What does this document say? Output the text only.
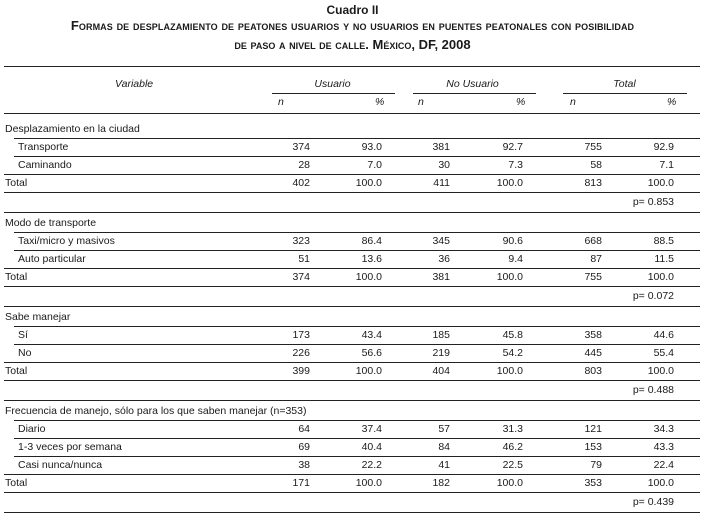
Cuadro II
Formas de desplazamiento de peatones usuarios y no usuarios en puentes peatonales con posibilidad
de paso a nivel de calle. México, DF, 2008
Variable	Usuario	No Usuario	Total
n	%	n	%	n	%
Desplazamiento en la ciudad
Transporte	374	93.0	381	92.7	755	92.9
Caminando	28	7.0	30	7.3	58	7.1
Total	402	100.0	411	100.0	813	100.0
p= 0.853
Modo de transporte
Taxi/micro y masivos	323	86.4	345	90.6	668	88.5
Auto particular	51	13.6	36	9.4	87	11.5
Total	374	100.0	381	100.0	755	100.0
p= 0.072
Sabe manejar
Sí	173	43.4	185	45.8	358	44.6
No	226	56.6	219	54.2	445	55.4
Total	399	100.0	404	100.0	803	100.0
p= 0.488
Frecuencia de manejo, sólo para los que saben manejar (n=353)
Diario	64	37.4	57	31.3	121	34.3
1-3 veces por semana	69	40.4	84	46.2	153	43.3
Casi nunca/nunca	38	22.2	41	22.5	79	22.4
Total	171	100.0	182	100.0	353	100.0
p= 0.439
